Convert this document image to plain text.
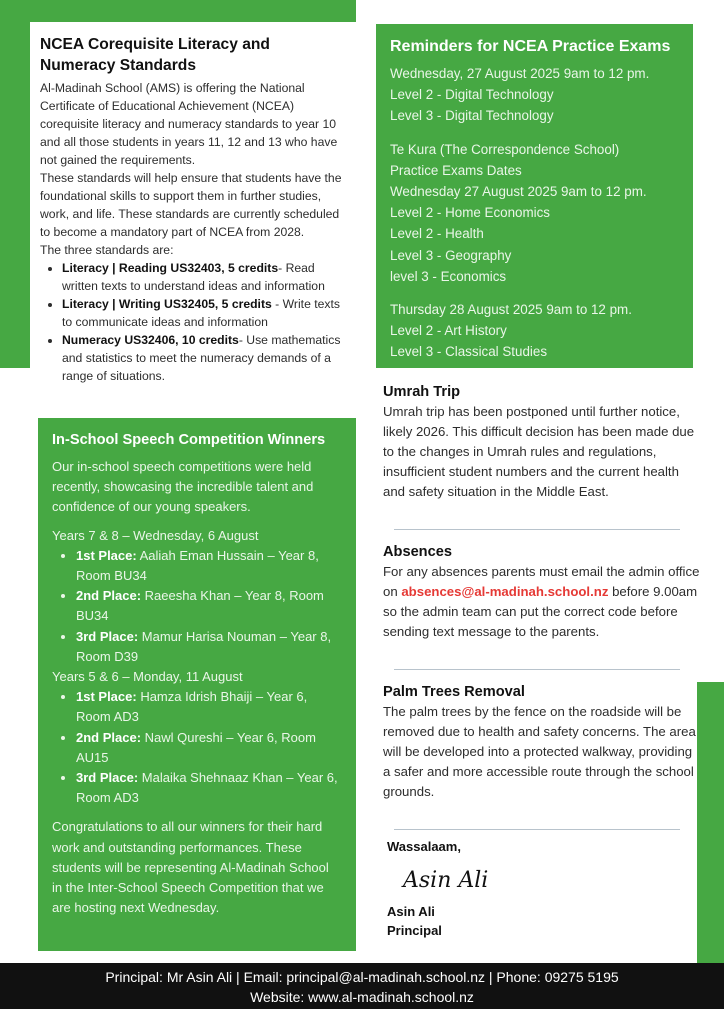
NCEA Corequisite Literacy and Numeracy Standards

Al-Madinah School (AMS) is offering the National Certificate of Educational Achievement (NCEA) corequisite literacy and numeracy standards to year 10 and all those students in years 11, 12 and 13 who have not gained the requirements.

These standards will help ensure that students have the foundational skills to support them in further studies, work, and life. These standards are currently scheduled to become a mandatory part of NCEA from 2028.

The three standards are:

• Literacy | Reading US32403, 5 credits- Read written texts to understand ideas and information
• Literacy | Writing US32405, 5 credits - Write texts to communicate ideas and information
• Numeracy US32406, 10 credits- Use mathematics and statistics to meet the numeracy demands of a range of situations.
Reminders for NCEA Practice Exams
Wednesday, 27 August 2025 9am to 12 pm.
Level 2 - Digital Technology
Level 3 - Digital Technology
Te Kura (The Correspondence School)
Practice Exams Dates
Wednesday 27 August 2025 9am to 12 pm.
Level 2 - Home Economics
Level 2 - Health
Level 3 - Geography
level 3 - Economics
Thursday 28 August 2025 9am to 12 pm.
Level 2 - Art History
Level 3 - Classical Studies
In-School Speech Competition Winners

Our in-school speech competitions were held recently, showcasing the incredible talent and confidence of our young speakers.

Years 7 & 8 – Wednesday, 6 August
• 1st Place: Aaliah Eman Hussain – Year 8, Room BU34
• 2nd Place: Raeesha Khan – Year 8, Room BU34
• 3rd Place: Mamur Harisa Nouman – Year 8, Room D39
Years 5 & 6 – Monday, 11 August
• 1st Place: Hamza Idrish Bhaiji – Year 6, Room AD3
• 2nd Place: Nawl Qureshi – Year 6, Room AU15
• 3rd Place: Malaika Shehnaaz Khan – Year 6, Room AD3

Congratulations to all our winners for their hard work and outstanding performances. These students will be representing Al-Madinah School in the Inter-School Speech Competition that we are hosting next Wednesday.

Umrah Trip

Umrah trip has been postponed until further notice, likely 2026. This difficult decision has been made due to the changes in Umrah rules and regulations, insufficient student numbers and the current health and safety situation in the Middle East.

Absences

For any absences parents must email the admin office on absences@al-madinah.school.nz before 9.00am so the admin team can put the correct code before sending text message to the parents.

Palm Trees Removal

The palm trees by the fence on the roadside will be removed due to health and safety concerns. The area will be developed into a protected walkway, providing a safer and more accessible route through the school grounds.

Wassalaam,
Asin Ali
Asin Ali
Principal
Principal: Mr Asin Ali | Email: principal@al-madinah.school.nz | Phone: 09275 5195
Website: www.al-madinah.school.nz
